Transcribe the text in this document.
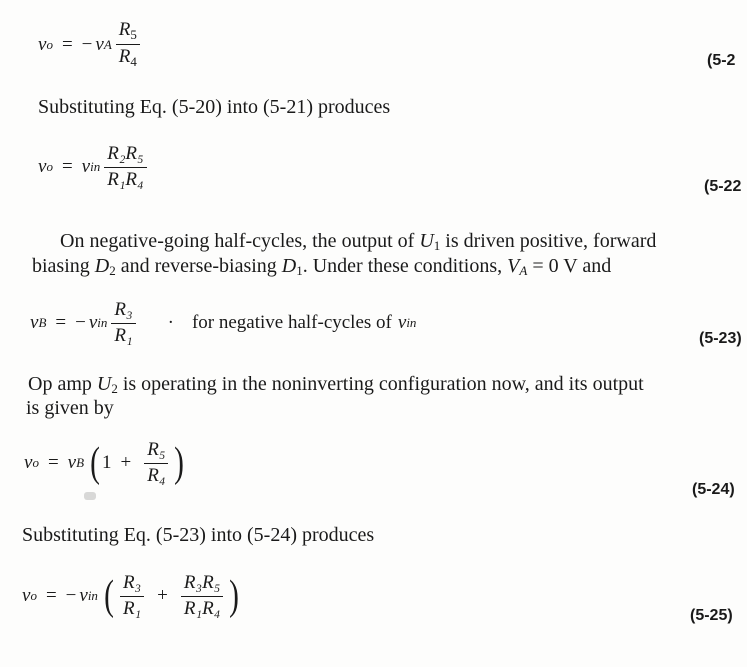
v o = − v A $\frac{R_5}{R_4}$	(5-2
Substituting Eq. (5-20) into (5-21) produces
v o = v in $\frac{\text{R₂R₅}}{\text{R₁R₄}}$	(5-22
On negative-going half-cycles, the output of U1 is driven positive, forward
biasing D2 and reverse-biasing D1. Under these conditions, VA = 0 V and
v B = − v in $\frac{\text{R₃}}{\text{R₁}}$ · for negative half-cycles of v in
(5-23)
Op amp U2 is operating in the noninverting configuration now, and its output
is given by
v o = v B ( $1 + \frac{\text{R₅}}{\text{R₄}}$ )
(5-24)
Substituting Eq. (5-23) into (5-24) produces
v o = − v in ( $\frac{\text{R₃}}{\text{R₁}} + \frac{\text{R₃R₅}}{\text{R₁R₄}}$ )	(5-25)
